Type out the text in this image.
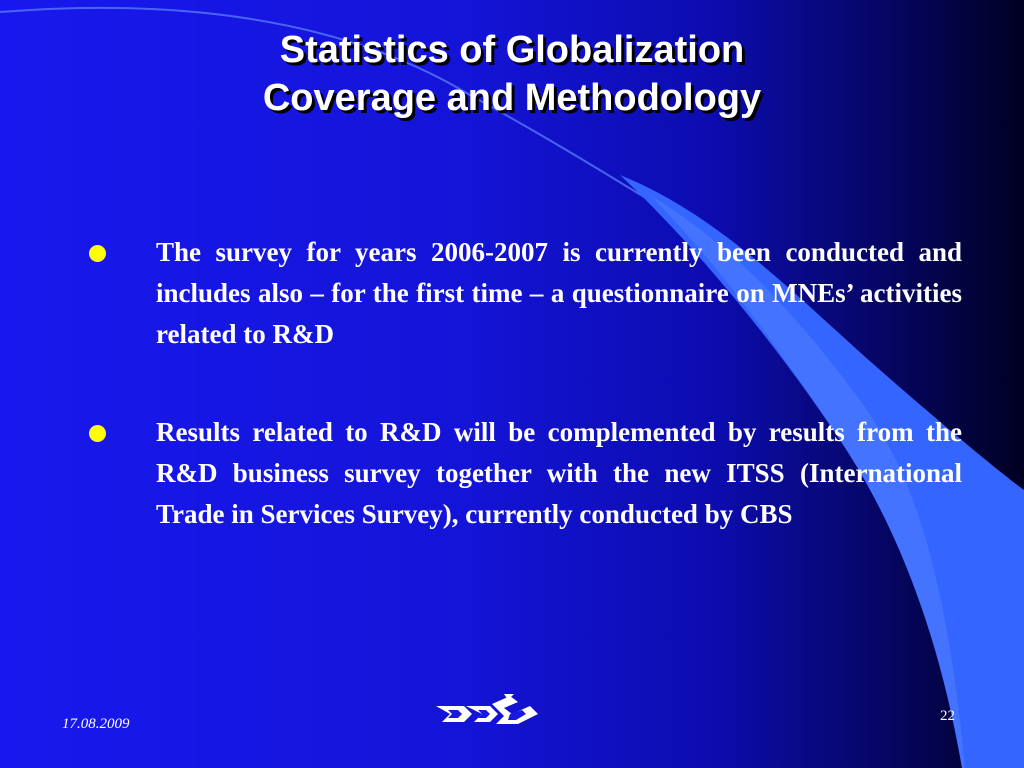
Statistics of Globalization
Coverage and Methodology
The survey for years 2006-2007 is currently been conducted and includes also – for the first time – a questionnaire on MNEs’ activities related to R&D
Results related to R&D will be complemented by results from the R&D business survey together with the new ITSS (International Trade in Services Survey), currently conducted by CBS
17.08.2009	22
